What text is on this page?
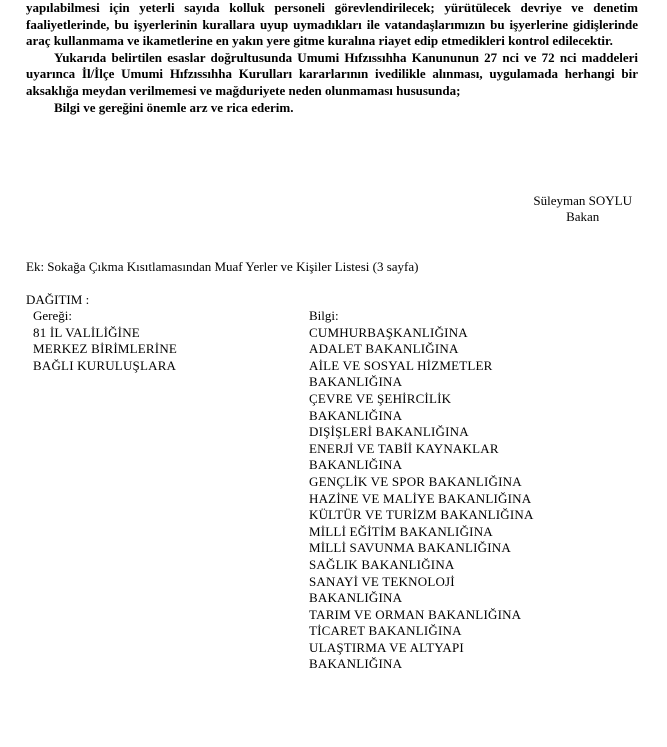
yapılabilmesi için yeterli sayıda kolluk personeli görevlendirilecek; yürütülecek devriye ve denetim faaliyetlerinde, bu işyerlerinin kurallara uyup uymadıkları ile vatandaşlarımızın bu işyerlerine gidişlerinde araç kullanmama ve ikametlerine en yakın yere gitme kuralına riayet edip etmedikleri kontrol edilecektir.

Yukarıda belirtilen esaslar doğrultusunda Umumi Hıfzıssıhha Kanununun 27 nci ve 72 nci maddeleri uyarınca İl/İlçe Umumi Hıfzıssıhha Kurulları kararlarının ivedilikle alınması, uygulamada herhangi bir aksaklığa meydan verilmemesi ve mağduriyete neden olunmaması hususunda;

Bilgi ve gereğini önemle arz ve rica ederim.

Süleyman SOYLU
Bakan
Ek: Sokağa Çıkma Kısıtlamasından Muaf Yerler ve Kişiler Listesi (3 sayfa)
DAĞITIM :
Gereği:
81 İL VALİLİĞİNE
MERKEZ BİRİMLERİNE
BAĞLI KURULUŞLARA
Bilgi:
CUMHURBAŞKANLIĞINA
ADALET BAKANLIĞINA
AİLE VE SOSYAL HİZMETLER
BAKANLIĞINA
ÇEVRE VE ŞEHİRCİLİK
BAKANLIĞINA
DIŞİŞLERİ BAKANLIĞINA
ENERJİ VE TABİİ KAYNAKLAR
BAKANLIĞINA
GENÇLİK VE SPOR BAKANLIĞINA
HAZİNE VE MALİYE BAKANLIĞINA
KÜLTÜR VE TURİZM BAKANLIĞINA
MİLLİ EĞİTİM BAKANLIĞINA
MİLLİ SAVUNMA BAKANLIĞINA
SAĞLIK BAKANLIĞINA
SANAYİ VE TEKNOLOJİ
BAKANLIĞINA
TARIM VE ORMAN BAKANLIĞINA
TİCARET BAKANLIĞINA
ULAŞTIRMA VE ALTYAPI
BAKANLIĞINA
